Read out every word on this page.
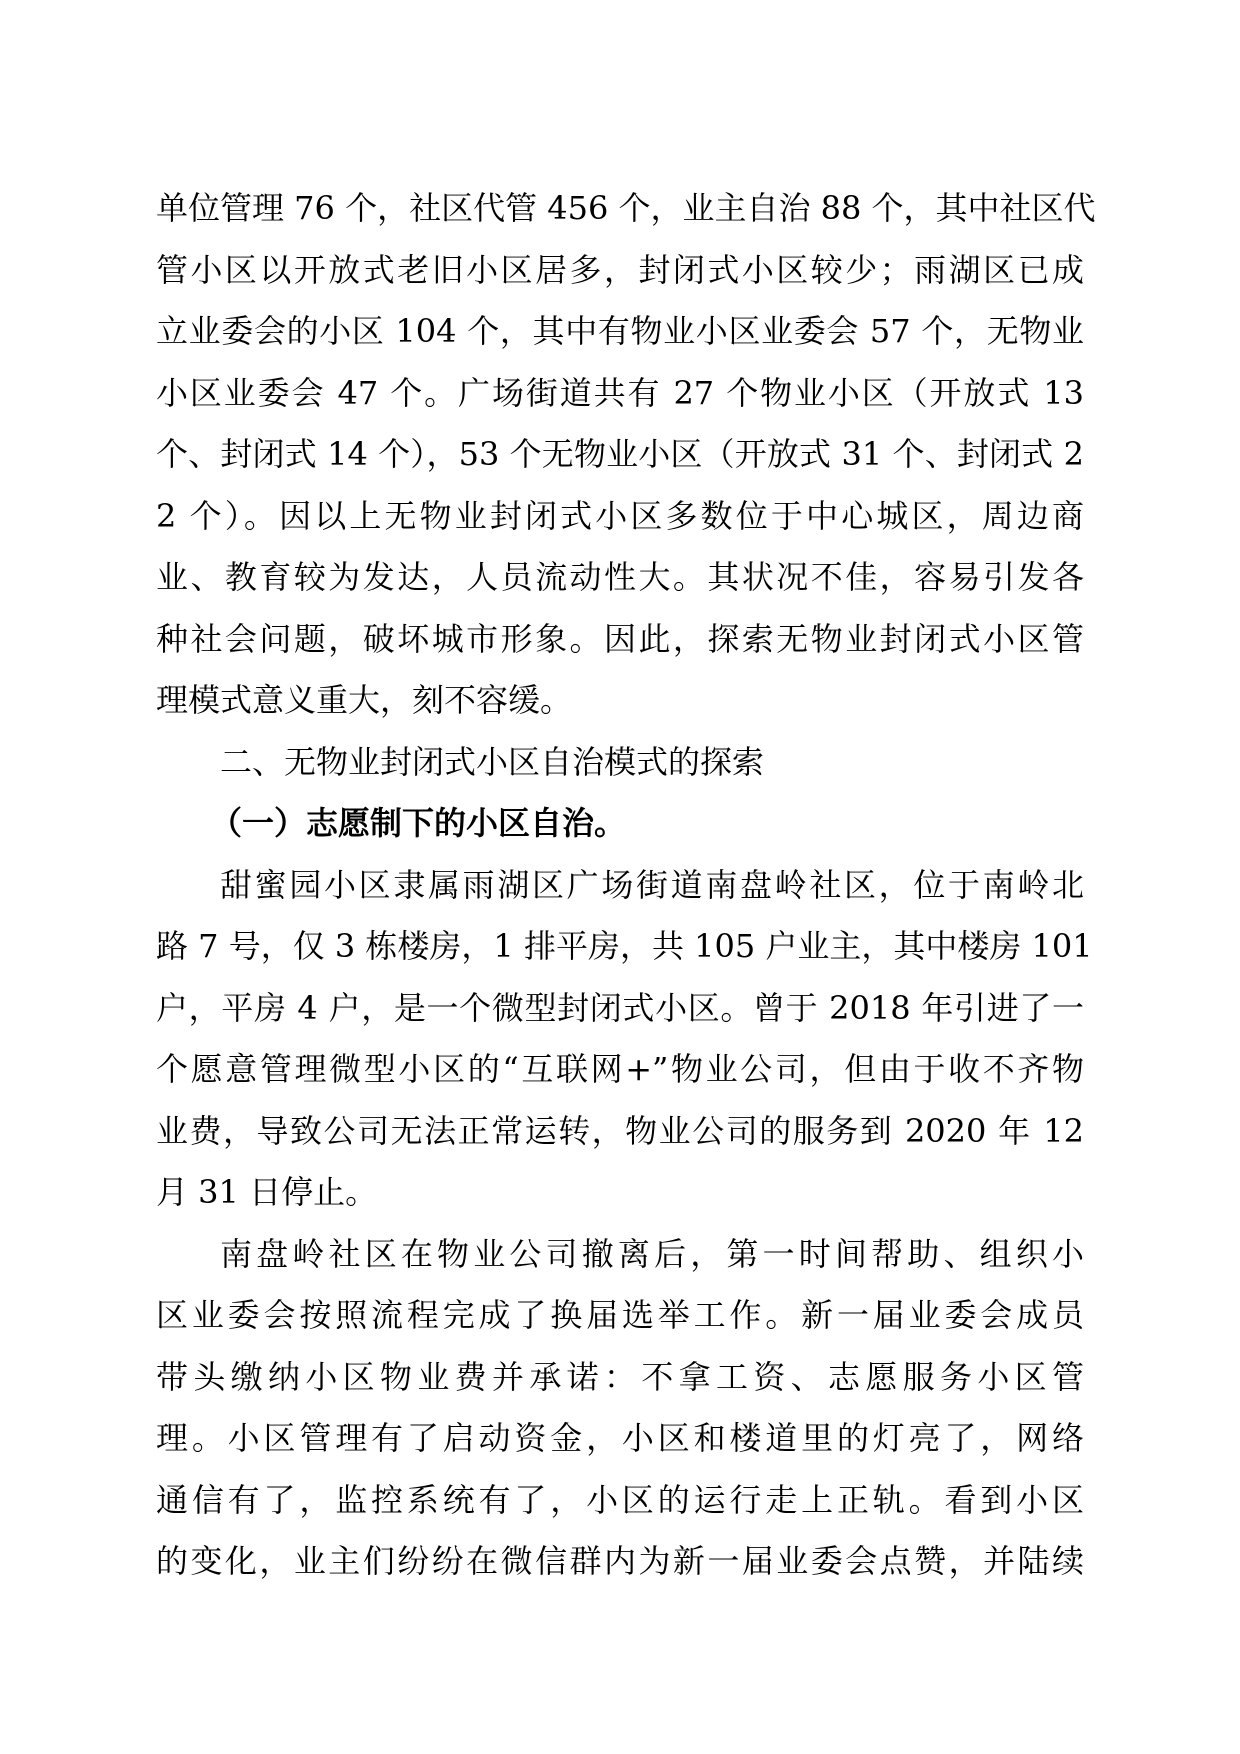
单位管理 76 个，社区代管 456 个，业主自治 88 个，其中社区代
管小区以开放式老旧小区居多，封闭式小区较少；雨湖区已成
立业委会的小区 104 个，其中有物业小区业委会 57 个，无物业
小区业委会 47 个。广场街道共有 27 个物业小区（开放式 13
个、封闭式 14 个），53 个无物业小区（开放式 31 个、封闭式 2
2 个）。因以上无物业封闭式小区多数位于中心城区，周边商
业、教育较为发达，人员流动性大。其状况不佳，容易引发各
种社会问题，破坏城市形象。因此，探索无物业封闭式小区管
理模式意义重大，刻不容缓。
二、无物业封闭式小区自治模式的探索
（一）志愿制下的小区自治。
甜蜜园小区隶属雨湖区广场街道南盘岭社区，位于南岭北
路 7 号，仅 3 栋楼房，1 排平房，共 105 户业主，其中楼房 101
户，平房 4 户，是一个微型封闭式小区。曾于 2018 年引进了一
个愿意管理微型小区的“互联网+”物业公司，但由于收不齐物
业费，导致公司无法正常运转，物业公司的服务到 2020 年 12
月 31 日停止。
南盘岭社区在物业公司撤离后，第一时间帮助、组织小
区业委会按照流程完成了换届选举工作。新一届业委会成员
带头缴纳小区物业费并承诺：不拿工资、志愿服务小区管
理。小区管理有了启动资金，小区和楼道里的灯亮了，网络
通信有了，监控系统有了，小区的运行走上正轨。看到小区
的变化，业主们纷纷在微信群内为新一届业委会点赞，并陆续
